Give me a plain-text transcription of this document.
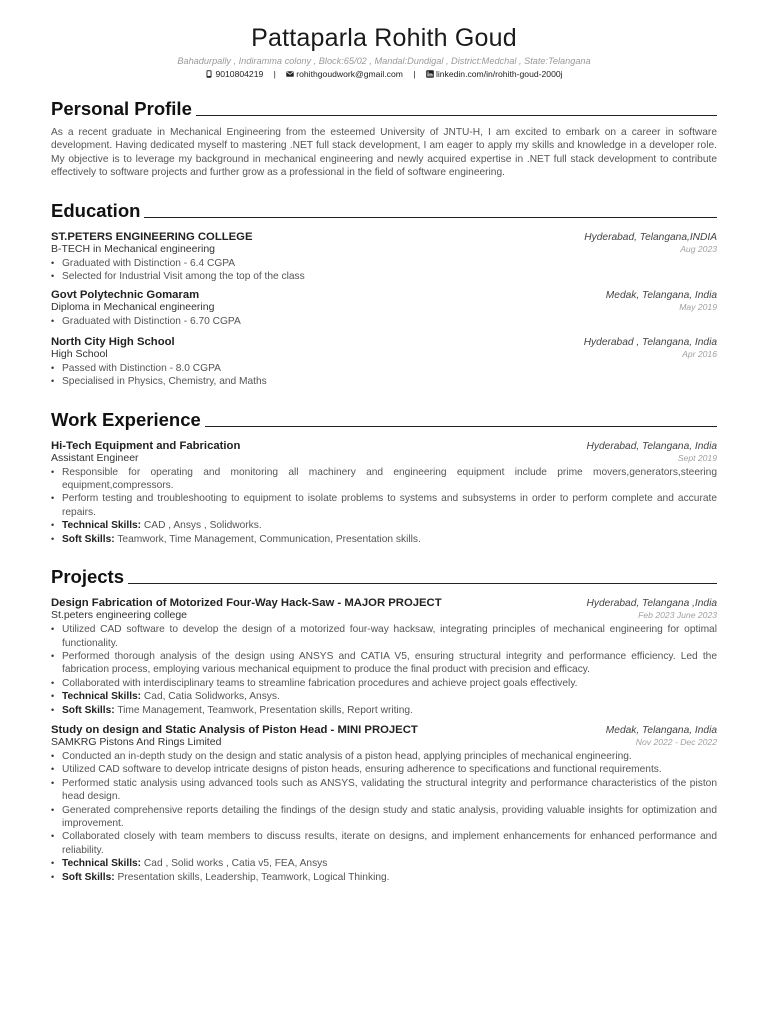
Pattaparla Rohith Goud
Bahadurpally , Indiramma colony , Block:65/02 , Mandal:Dundigal , District:Medchal , State:Telangana
9010804219 | rohithgoudwork@gmail.com | linkedin.com/in/rohith-goud-2000j
Personal Profile
As a recent graduate in Mechanical Engineering from the esteemed University of JNTU-H, I am excited to embark on a career in software development. Having dedicated myself to mastering .NET full stack development, I am eager to apply my skills and knowledge in a developer role. My objective is to leverage my background in mechanical engineering and newly acquired expertise in .NET full stack development to contribute effectively to software projects and further grow as a professional in the field of software engineering.
Education
ST.PETERS ENGINEERING COLLEGE	Hyderabad, Telangana,INDIA
B-TECH in Mechanical engineering	Aug 2023
• Graduated with Distinction - 6.4 CGPA
• Selected for Industrial Visit among the top of the class
Govt Polytechnic Gomaram	Medak, Telangana, India
Diploma in Mechanical engineering	May 2019
• Graduated with Distinction - 6.70 CGPA
North City High School	Hyderabad , Telangana, India
High School	Apr 2016
• Passed with Distinction - 8.0 CGPA
• Specialised in Physics, Chemistry, and Maths
Work Experience
Hi-Tech Equipment and Fabrication	Hyderabad, Telangana, India
Assistant Engineer	Sept 2019
• Responsible for operating and monitoring all machinery and engineering equipment include prime movers,generators,steering equipment,compressors.
• Perform testing and troubleshooting to equipment to isolate problems to systems and subsystems in order to perform complete and accurate repairs.
• Technical Skills: CAD , Ansys , Solidworks.
• Soft Skills: Teamwork, Time Management, Communication, Presentation skills.
Projects
Design Fabrication of Motorized Four-Way Hack-Saw - MAJOR PROJECT	Hyderabad, Telangana ,India
St.peters engineering college	Feb 2023 June 2023
• Utilized CAD software to develop the design of a motorized four-way hacksaw, integrating principles of mechanical engineering for optimal functionality.
• Performed thorough analysis of the design using ANSYS and CATIA V5, ensuring structural integrity and performance efficiency. Led the fabrication process, employing various mechanical equipment to produce the final product with precision and efficacy.
• Collaborated with interdisciplinary teams to streamline fabrication procedures and achieve project goals effectively.
• Technical Skills: Cad, Catia Solidworks, Ansys.
• Soft Skills: Time Management, Teamwork, Presentation skills, Report writing.
Study on design and Static Analysis of Piston Head - MINI PROJECT	Medak, Telangana, India
SAMKRG Pistons And Rings Limited	Nov 2022 - Dec 2022
• Conducted an in-depth study on the design and static analysis of a piston head, applying principles of mechanical engineering.
• Utilized CAD software to develop intricate designs of piston heads, ensuring adherence to specifications and functional requirements.
• Performed static analysis using advanced tools such as ANSYS, validating the structural integrity and performance characteristics of the piston head design.
• Generated comprehensive reports detailing the findings of the design study and static analysis, providing valuable insights for optimization and improvement.
• Collaborated closely with team members to discuss results, iterate on designs, and implement enhancements for enhanced performance and reliability.
• Technical Skills: Cad , Solid works , Catia v5, FEA, Ansys
• Soft Skills: Presentation skills, Leadership, Teamwork, Logical Thinking.
